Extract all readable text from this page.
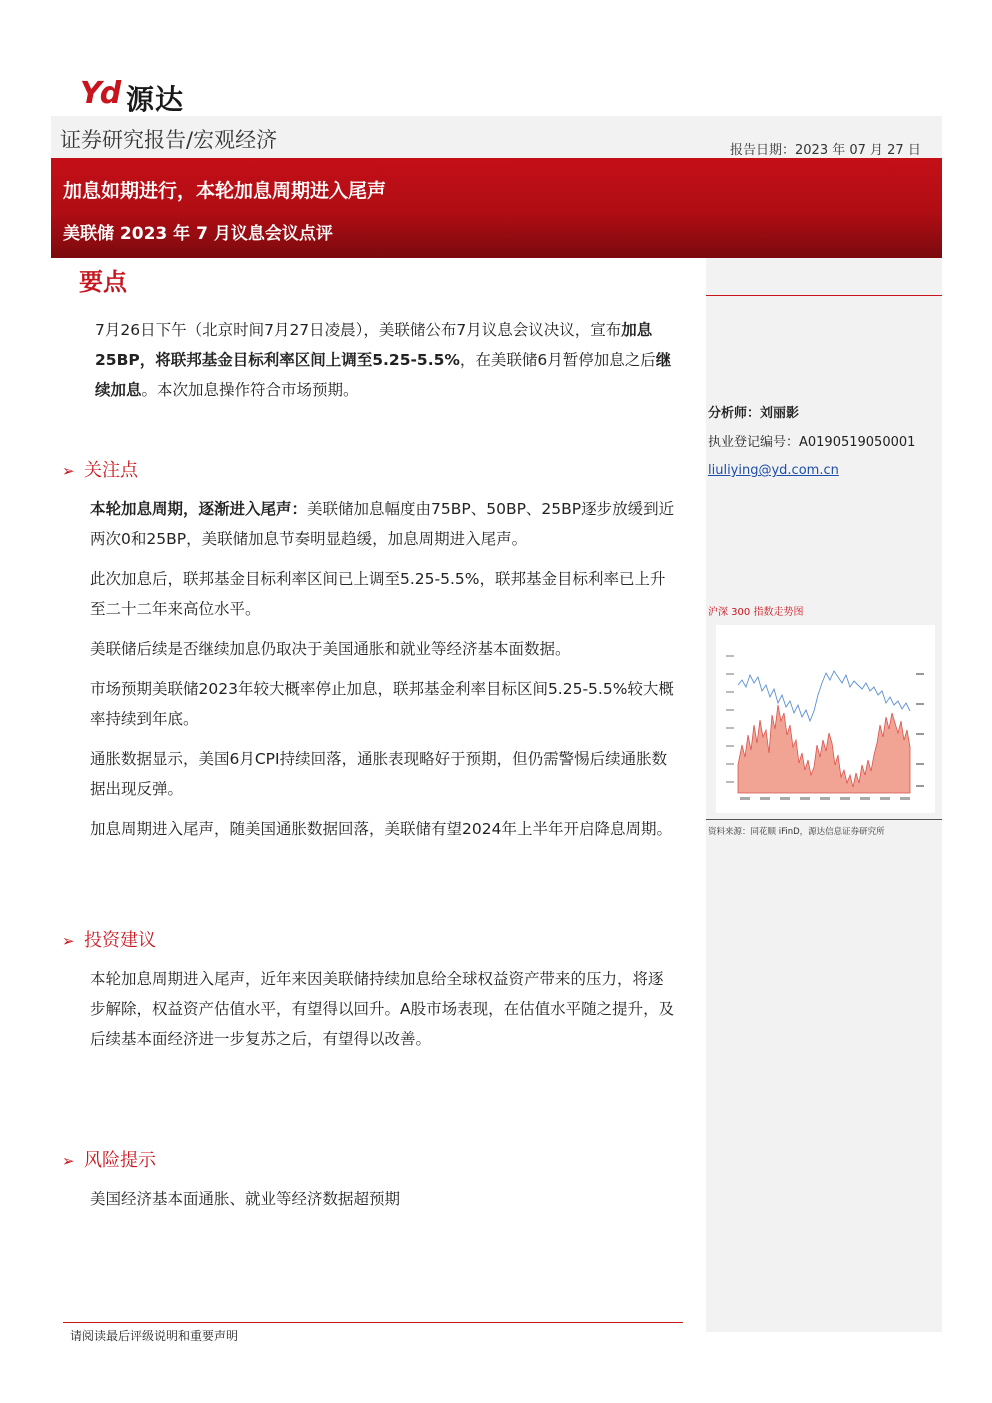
Yd 源达
证券研究报告/宏观经济	报告日期：2023 年 07 月 27 日
加息如期进行，本轮加息周期进入尾声
美联储 2023 年 7 月议息会议点评
分析师：刘丽影
执业登记编号：A0190519050001
liuliying@yd.com.cn
沪深 300 指数走势图
资料来源：同花顺 iFinD，源达信息证券研究所
要点
7月26日下午（北京时间7月27日凌晨），美联储公布7月议息会议决议，宣布加息25BP，将联邦基金目标利率区间上调至5.25-5.5%，在美联储6月暂停加息之后继续加息。本次加息操作符合市场预期。
➢ 关注点
本轮加息周期，逐渐进入尾声：美联储加息幅度由75BP、50BP、25BP逐步放缓到近两次0和25BP，美联储加息节奏明显趋缓，加息周期进入尾声。
此次加息后，联邦基金目标利率区间已上调至5.25-5.5%，联邦基金目标利率已上升至二十二年来高位水平。
美联储后续是否继续加息仍取决于美国通胀和就业等经济基本面数据。
市场预期美联储2023年较大概率停止加息，联邦基金利率目标区间5.25-5.5%较大概率持续到年底。
通胀数据显示，美国6月CPI持续回落，通胀表现略好于预期，但仍需警惕后续通胀数据出现反弹。
加息周期进入尾声，随美国通胀数据回落，美联储有望2024年上半年开启降息周期。
➢ 投资建议
本轮加息周期进入尾声，近年来因美联储持续加息给全球权益资产带来的压力，将逐步解除，权益资产估值水平，有望得以回升。A股市场表现，在估值水平随之提升，及后续基本面经济进一步复苏之后，有望得以改善。
➢ 风险提示
美国经济基本面通胀、就业等经济数据超预期
请阅读最后评级说明和重要声明
